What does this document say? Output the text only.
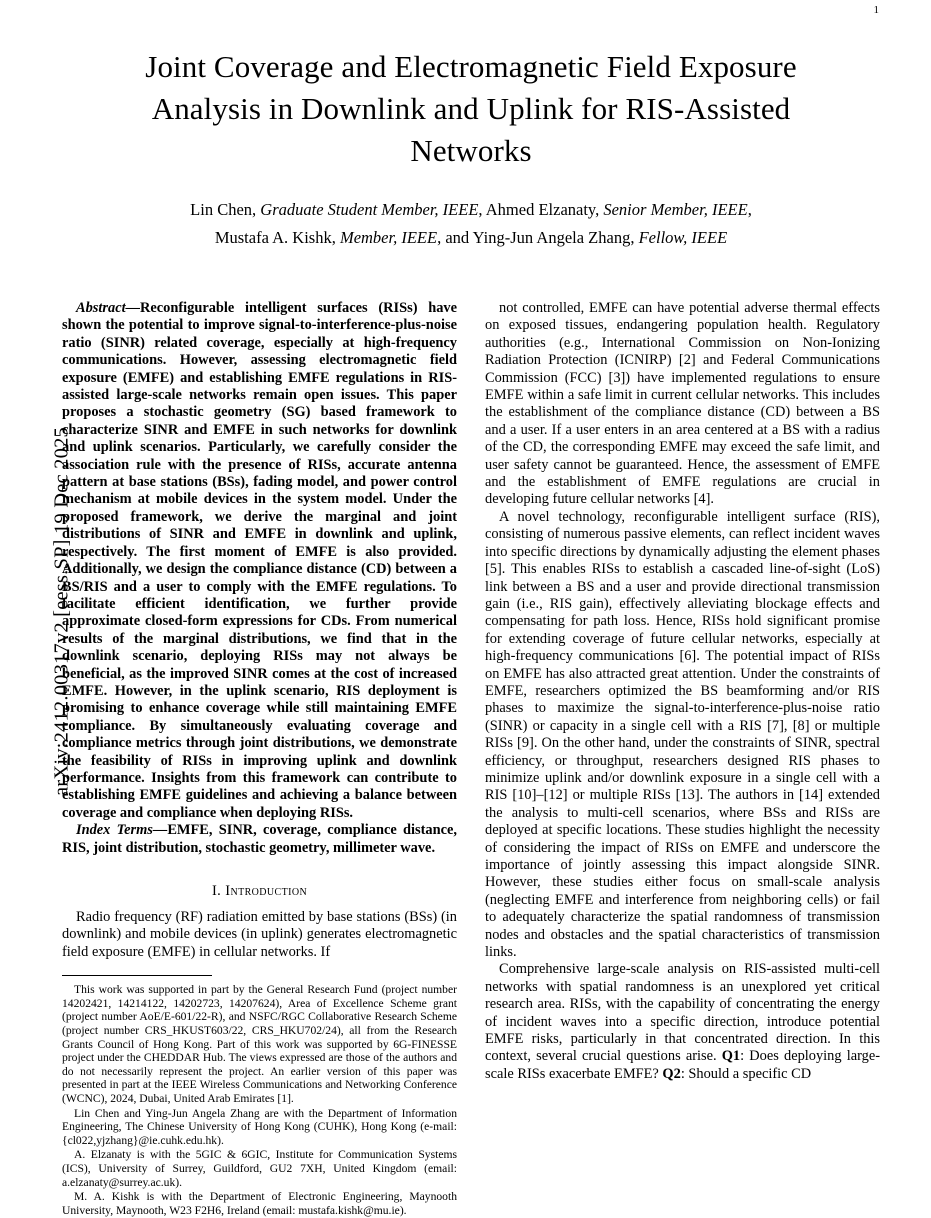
arXiv:2412.00317v2 [eess.SP] 19 Dec 2025
1
Joint Coverage and Electromagnetic Field Exposure Analysis in Downlink and Uplink for RIS-Assisted Networks
Lin Chen, Graduate Student Member, IEEE, Ahmed Elzanaty, Senior Member, IEEE,
Mustafa A. Kishk, Member, IEEE, and Ying-Jun Angela Zhang, Fellow, IEEE

Abstract—Reconfigurable intelligent surfaces (RISs) have shown the potential to improve signal-to-interference-plus-noise ratio (SINR) related coverage, especially at high-frequency communications. However, assessing electromagnetic field exposure (EMFE) and establishing EMFE regulations in RIS-assisted large-scale networks remain open issues. This paper proposes a stochastic geometry (SG) based framework to characterize SINR and EMFE in such networks for downlink and uplink scenarios. Particularly, we carefully consider the association rule with the presence of RISs, accurate antenna pattern at base stations (BSs), fading model, and power control mechanism at mobile devices in the system model. Under the proposed framework, we derive the marginal and joint distributions of SINR and EMFE in downlink and uplink, respectively. The first moment of EMFE is also provided. Additionally, we design the compliance distance (CD) between a BS/RIS and a user to comply with the EMFE regulations. To facilitate efficient identification, we further provide approximate closed-form expressions for CDs. From numerical results of the marginal distributions, we find that in the downlink scenario, deploying RISs may not always be beneficial, as the improved SINR comes at the cost of increased EMFE. However, in the uplink scenario, RIS deployment is promising to enhance coverage while still maintaining EMFE compliance. By simultaneously evaluating coverage and compliance metrics through joint distributions, we demonstrate the feasibility of RISs in improving uplink and downlink performance. Insights from this framework can contribute to establishing EMFE guidelines and achieving a balance between coverage and compliance when deploying RISs.

Index Terms—EMFE, SINR, coverage, compliance distance, RIS, joint distribution, stochastic geometry, millimeter wave.

I. Introduction

Radio frequency (RF) radiation emitted by base stations (BSs) (in downlink) and mobile devices (in uplink) generates electromagnetic field exposure (EMFE) in cellular networks. If

This work was supported in part by the General Research Fund (project number 14202421, 14214122, 14202723, 14207624), Area of Excellence Scheme grant (project number AoE/E-601/22-R), and NSFC/RGC Collaborative Research Scheme (project number CRS_HKUST603/22, CRS_HKU702/24), all from the Research Grants Council of Hong Kong. Part of this work was supported by 6G-FINESSE project under the CHEDDAR Hub. The views expressed are those of the authors and do not necessarily represent the project. An earlier version of this paper was presented in part at the IEEE Wireless Communications and Networking Conference (WCNC), 2024, Dubai, United Arab Emirates [1].

Lin Chen and Ying-Jun Angela Zhang are with the Department of Information Engineering, The Chinese University of Hong Kong (CUHK), Hong Kong (e-mail: {cl022,yjzhang}@ie.cuhk.edu.hk).

A. Elzanaty is with the 5GIC & 6GIC, Institute for Communication Systems (ICS), University of Surrey, Guildford, GU2 7XH, United Kingdom (email: a.elzanaty@surrey.ac.uk).

M. A. Kishk is with the Department of Electronic Engineering, Maynooth University, Maynooth, W23 F2H6, Ireland (email: mustafa.kishk@mu.ie).

not controlled, EMFE can have potential adverse thermal effects on exposed tissues, endangering population health. Regulatory authorities (e.g., International Commission on Non-Ionizing Radiation Protection (ICNIRP) [2] and Federal Communications Commission (FCC) [3]) have implemented regulations to ensure EMFE within a safe limit in current cellular networks. This includes the establishment of the compliance distance (CD) between a BS and a user. If a user enters in an area centered at a BS with a radius of the CD, the corresponding EMFE may exceed the safe limit, and user safety cannot be guaranteed. Hence, the assessment of EMFE and the establishment of EMFE regulations are crucial in developing future cellular networks [4].

A novel technology, reconfigurable intelligent surface (RIS), consisting of numerous passive elements, can reflect incident waves into specific directions by dynamically adjusting the element phases [5]. This enables RISs to establish a cascaded line-of-sight (LoS) link between a BS and a user and provide directional transmission gain (i.e., RIS gain), effectively alleviating blockage effects and compensating for path loss. Hence, RISs hold significant promise for extending coverage of future cellular networks, especially at high-frequency communications [6]. The potential impact of RISs on EMFE has also attracted great attention. Under the constraints of EMFE, researchers optimized the BS beamforming and/or RIS phases to maximize the signal-to-interference-plus-noise ratio (SINR) or capacity in a single cell with a RIS [7], [8] or multiple RISs [9]. On the other hand, under the constraints of SINR, spectral efficiency, or throughput, researchers designed RIS phases to minimize uplink and/or downlink exposure in a single cell with a RIS [10]–[12] or multiple RISs [13]. The authors in [14] extended the analysis to multi-cell scenarios, where BSs and RISs are deployed at specific locations. These studies highlight the necessity of considering the impact of RISs on EMFE and underscore the importance of jointly assessing this impact alongside SINR. However, these studies either focus on small-scale analysis (neglecting EMFE and interference from neighboring cells) or fail to adequately characterize the spatial randomness of transmission nodes and obstacles and the spatial characteristics of transmission links.

Comprehensive large-scale analysis on RIS-assisted multi-cell networks with spatial randomness is an unexplored yet critical research area. RISs, with the capability of concentrating the energy of incident waves into a specific direction, introduce potential EMFE risks, particularly in that concentrated direction. In this context, several crucial questions arise. Q1: Does deploying large-scale RISs exacerbate EMFE? Q2: Should a specific CD
